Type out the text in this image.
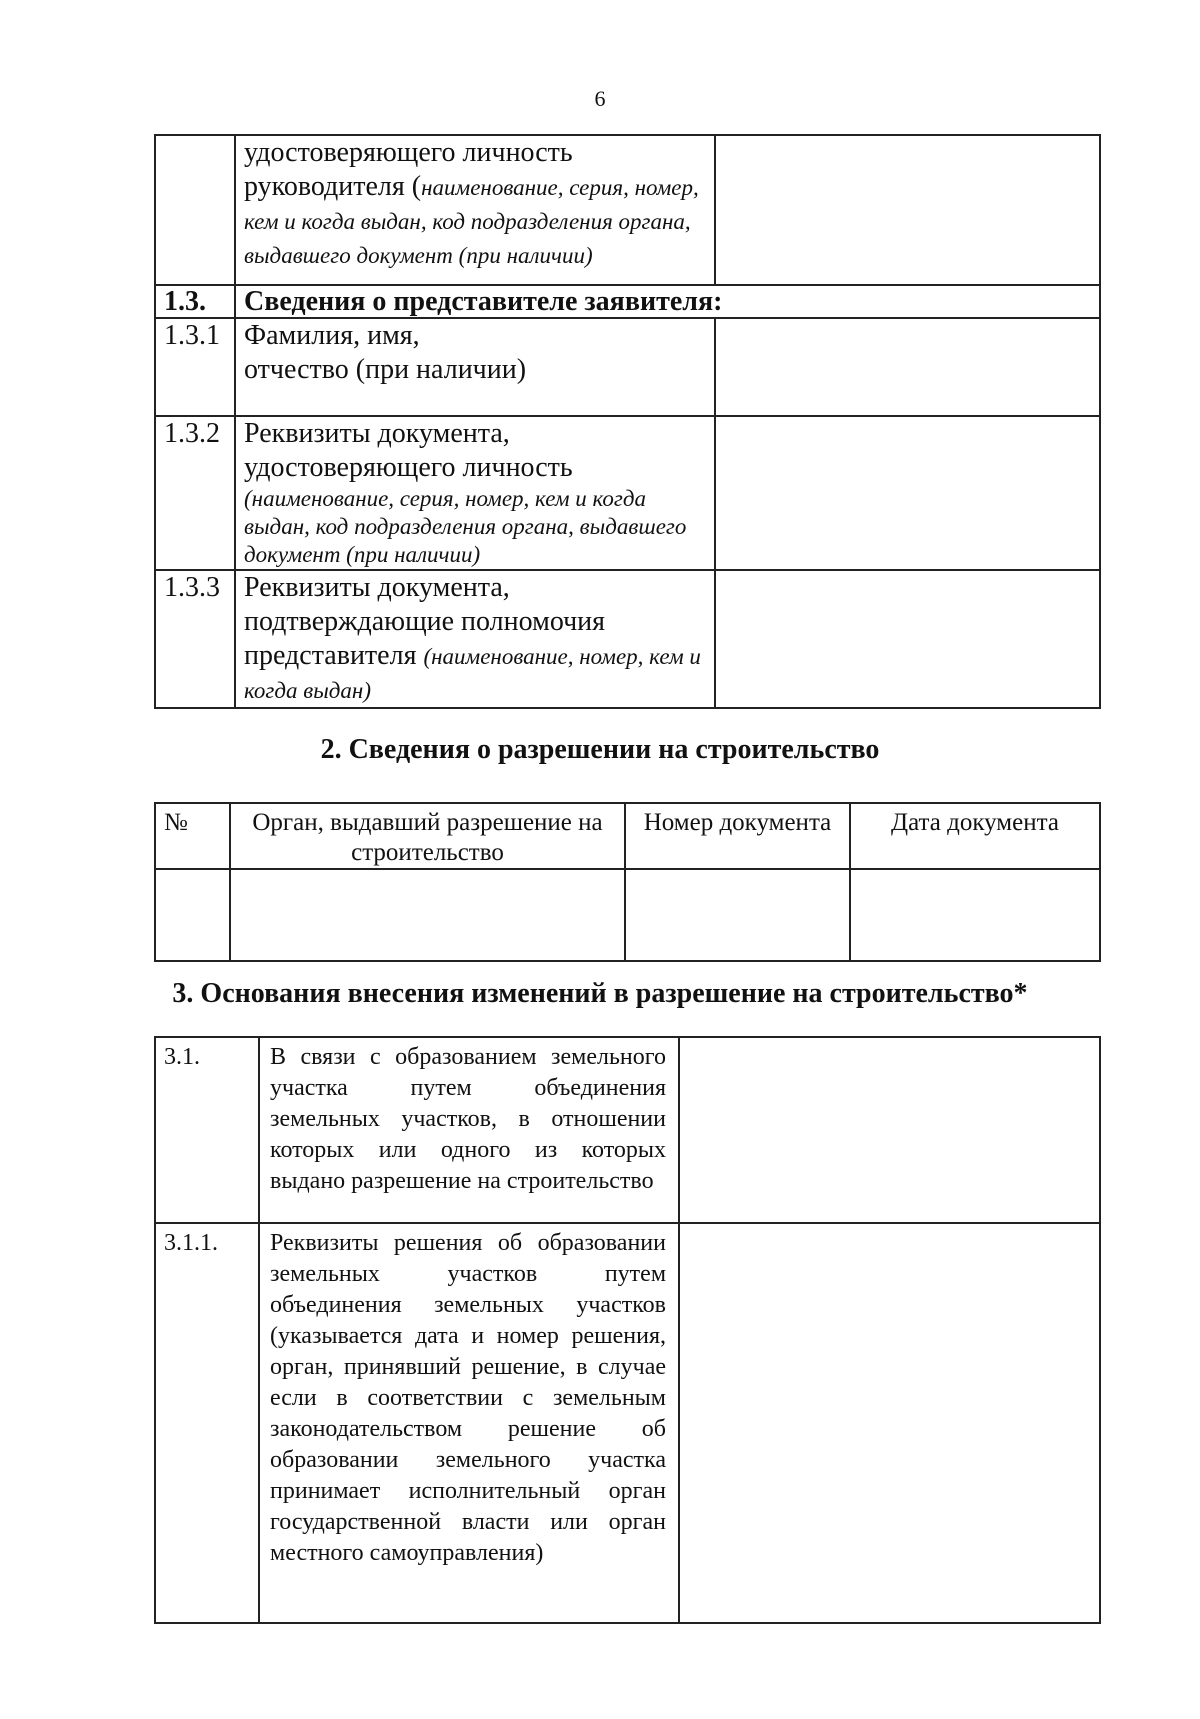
6
	удостоверяющего личность руководителя (наименование, серия, номер, кем и когда выдан, код подразделения органа, выдавшего документ (при наличии)	
1.3.	Сведения о представителе заявителя:	
1.3.1	Фамилия, имя,
отчество (при наличии)	

1.3.2	Реквизиты документа,
удостоверяющего личность
(наименование, серия, номер, кем и когда выдан, код подразделения органа, выдавшего документ (при наличии)	

1.3.3	Реквизиты документа,
подтверждающие полномочия представителя (наименование, номер, кем и когда выдан)	
2. Сведения о разрешении на строительство
№	Орган, выдавший разрешение на строительство	Номер документа	Дата документа

3. Основания внесения изменений в разрешение на строительство*
3.1.	В связи с образованием земельного участка путем объединения земельных участков, в отношении которых или одного из которых выдано разрешение на строительство	
3.1.1.	Реквизиты решения об образовании земельных участков путем объединения земельных участков (указывается дата и номер решения, орган, принявший решение, в случае если в соответствии с земельным законодательством решение об образовании земельного участка принимает исполнительный орган государственной власти или орган местного самоуправления)	
